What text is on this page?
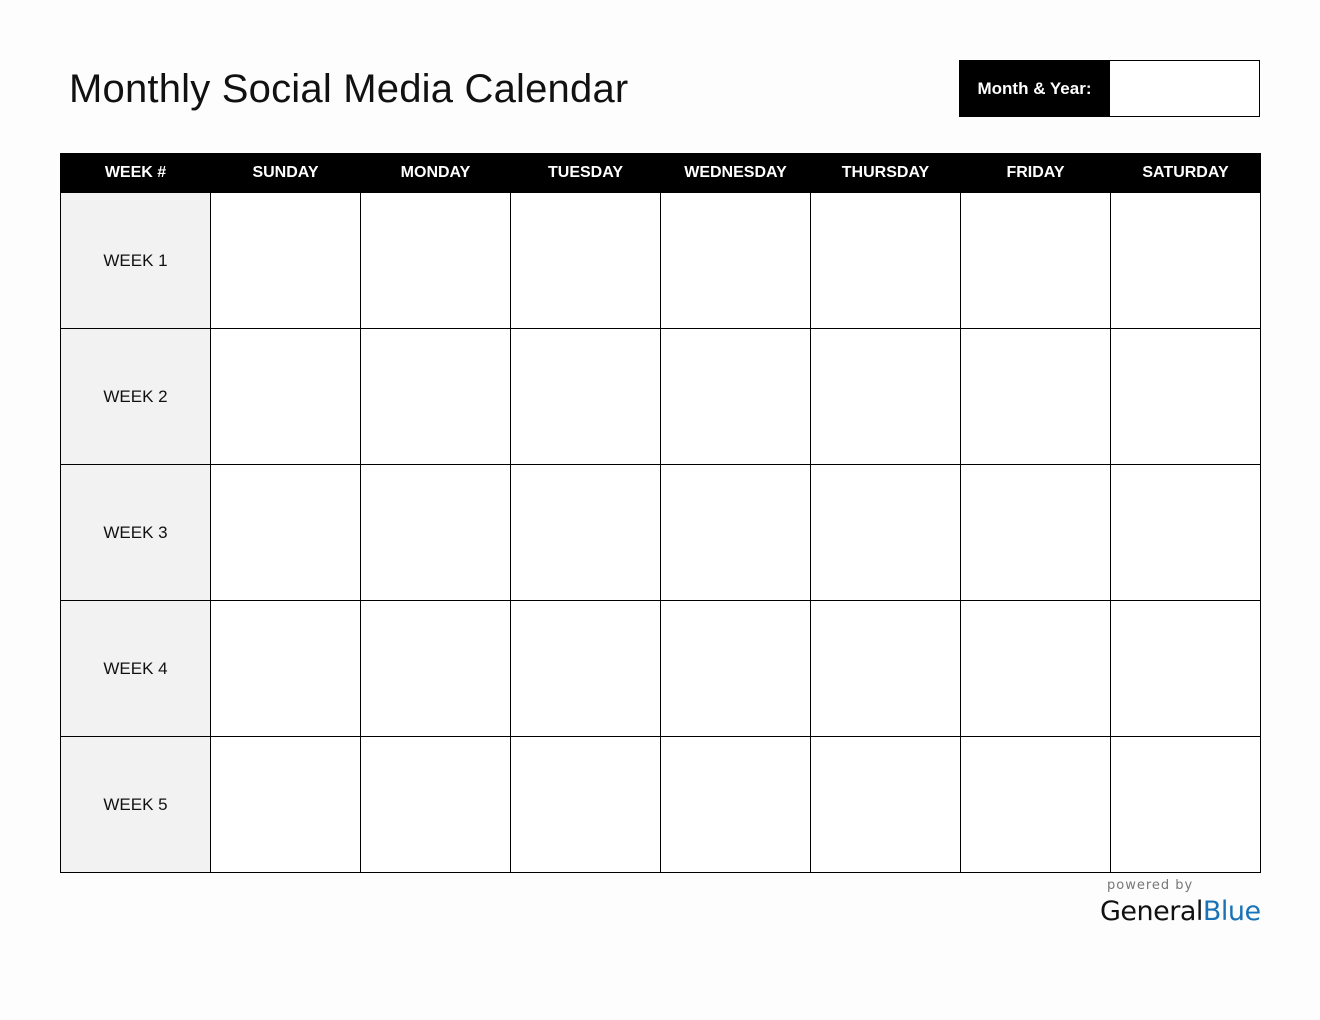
Monthly Social Media Calendar	Month & Year:
WEEK #	SUNDAY	MONDAY	TUESDAY	WEDNESDAY	THURSDAY	FRIDAY	SATURDAY
WEEK 1							
WEEK 2							
WEEK 3							
WEEK 4							
WEEK 5							
powered by
GeneralBlue
